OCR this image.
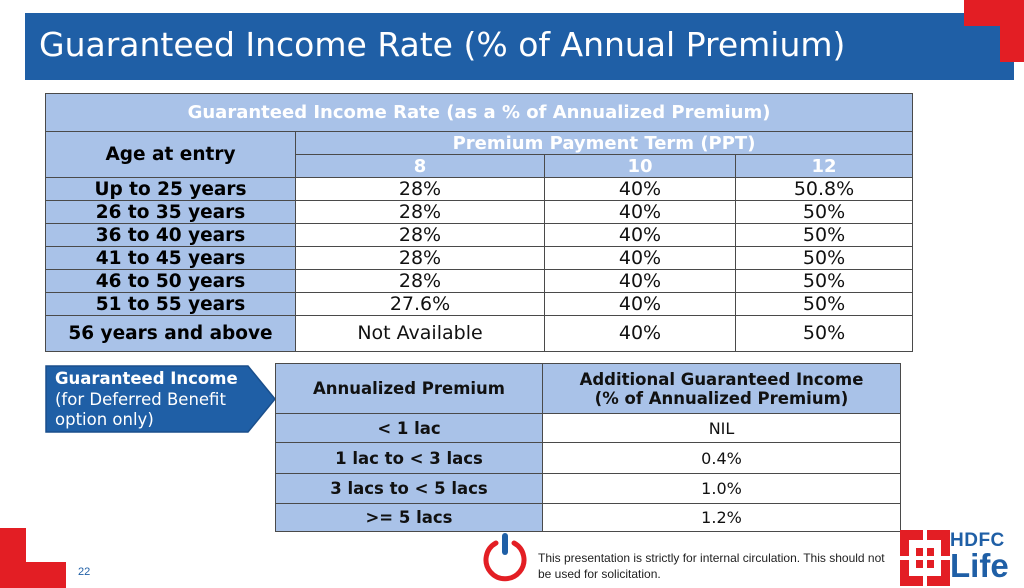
Guaranteed Income Rate (% of Annual Premium)
Guaranteed Income Rate (as a % of Annualized Premium)			
Age at entry	Premium Payment Term (PPT)		
	8	10	12
Up to 25 years	28%	40%	50.8%
26 to 35 years	28%	40%	50%
36 to 40 years	28%	40%	50%
41 to 45 years	28%	40%	50%
46 to 50 years	28%	40%	50%
51 to 55 years	27.6%	40%	50%
56 years and above	Not Available	40%	50%
Guaranteed Income
(for Deferred Benefit
option only)
Annualized Premium	Additional Guaranteed Income
(% of Annualized Premium)

< 1 lac	NIL
1 lac to < 3 lacs	0.4%
3 lacs to < 5 lacs	1.0%
>= 5 lacs	1.2%
22
This presentation is strictly for internal circulation. This should not be used for solicitation.
HDFC
Life
